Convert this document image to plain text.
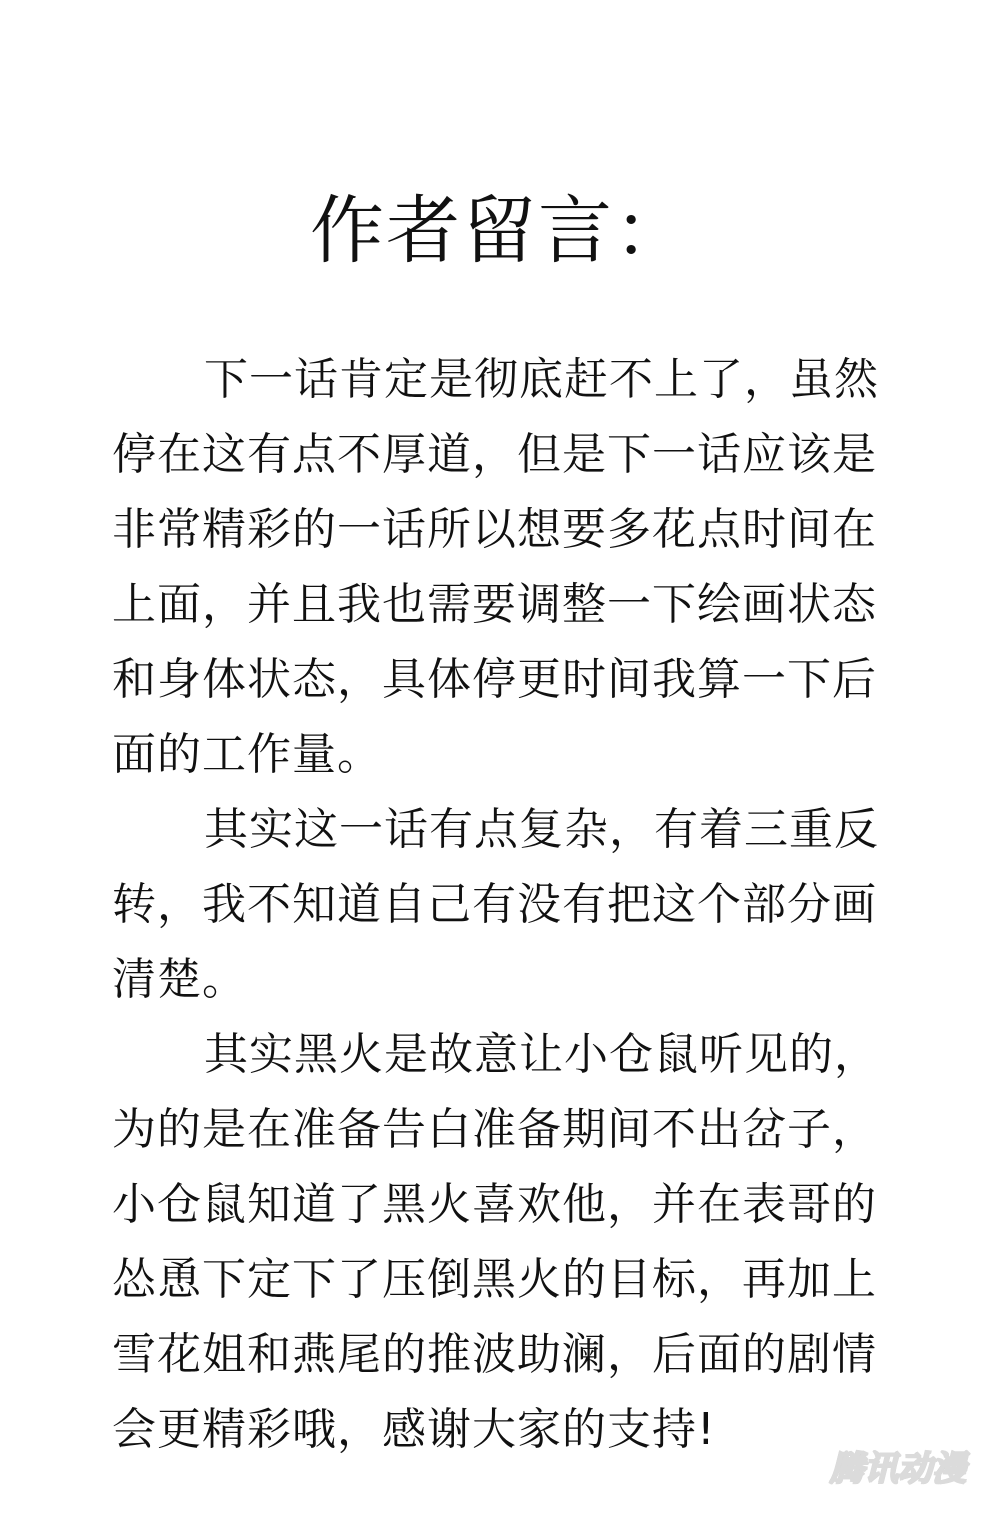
作者留言：
下一话肯定是彻底赶不上了，虽然
停在这有点不厚道，但是下一话应该是
非常精彩的一话所以想要多花点时间在
上面，并且我也需要调整一下绘画状态
和身体状态，具体停更时间我算一下后
面的工作量。
其实这一话有点复杂，有着三重反
转，我不知道自己有没有把这个部分画
清楚。
其实黑火是故意让小仓鼠听见的，
为的是在准备告白准备期间不出岔子，
小仓鼠知道了黑火喜欢他，并在表哥的
怂恿下定下了压倒黑火的目标，再加上
雪花姐和燕尾的推波助澜，后面的剧情
会更精彩哦，感谢大家的支持!
腾讯动漫
